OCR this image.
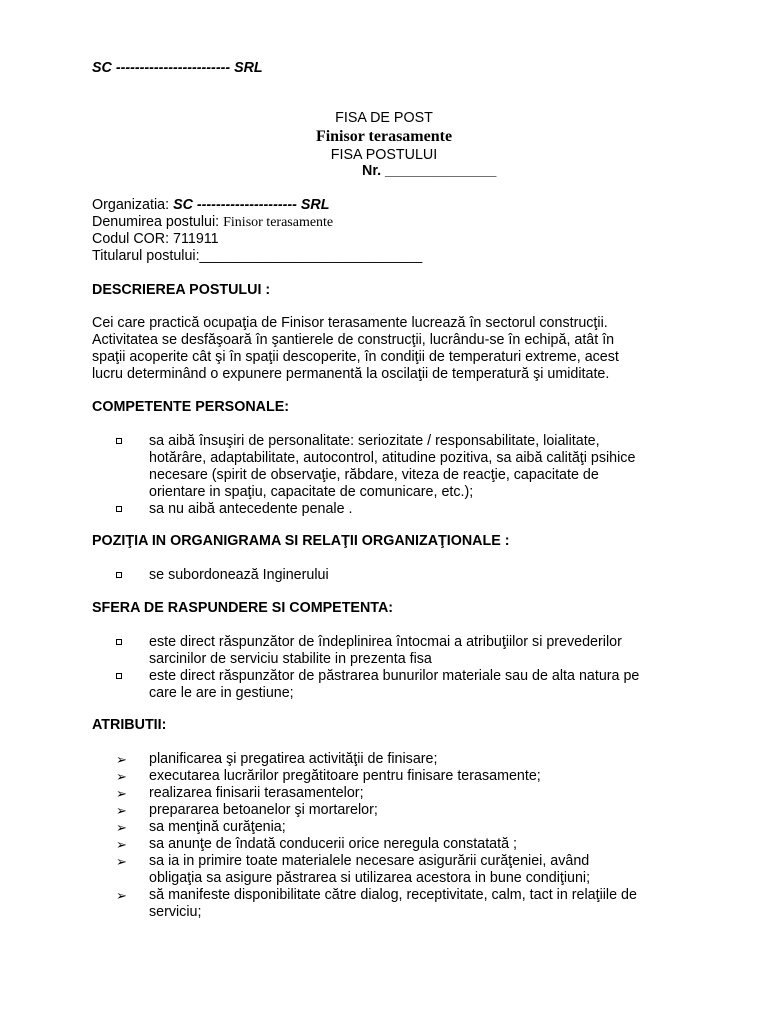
SC ------------------------ SRL
FISA DE POST
Finisor terasamente
FISA POSTULUI
Nr. ______________
Organizatia: SC --------------------- SRL
Denumirea postului: Finisor terasamente
Codul COR: 711911
Titularul postului:____________________________
DESCRIEREA POSTULUI :
Cei care practică ocupaţia de Finisor terasamente lucrează în sectorul construcţii.
Activitatea se desfăşoară în şantierele de construcţii, lucrându-se în echipă, atât în
spaţii acoperite cât şi în spaţii descoperite, în condiţii de temperaturi extreme, acest
lucru determinând o expunere permanentă la oscilaţii de temperatură şi umiditate.
COMPETENTE PERSONALE:
sa aibă însuşiri de personalitate: seriozitate / responsabilitate, loialitate,
hotărâre, adaptabilitate, autocontrol, atitudine pozitiva, sa aibă calităţi psihice
necesare (spirit de observaţie, răbdare, viteza de reacţie, capacitate de
orientare in spaţiu, capacitate de comunicare, etc.);
sa nu aibă antecedente penale .
POZIŢIA IN ORGANIGRAMA SI RELAŢII ORGANIZAŢIONALE :
se subordonează Inginerului
SFERA DE RASPUNDERE SI COMPETENTA:
este direct răspunzător de îndeplinirea întocmai a atribuţiilor si prevederilor
sarcinilor de serviciu stabilite in prezenta fisa
este direct răspunzător de păstrarea bunurilor materiale sau de alta natura pe
care le are in gestiune;
ATRIBUTII:
➢ planificarea şi pregatirea activităţii de finisare;
➢ executarea lucrărilor pregătitoare pentru finisare terasamente;
➢ realizarea finisarii terasamentelor;
➢ prepararea betoanelor şi mortarelor;
➢ sa menţină curăţenia;
➢ sa anunţe de îndată conducerii orice neregula constatată ;
➢ sa ia in primire toate materialele necesare asigurării curăţeniei, având
obligaţia sa asigure păstrarea si utilizarea acestora in bune condiţiuni;
➢ să manifeste disponibilitate către dialog, receptivitate, calm, tact in relaţiile de
serviciu;
